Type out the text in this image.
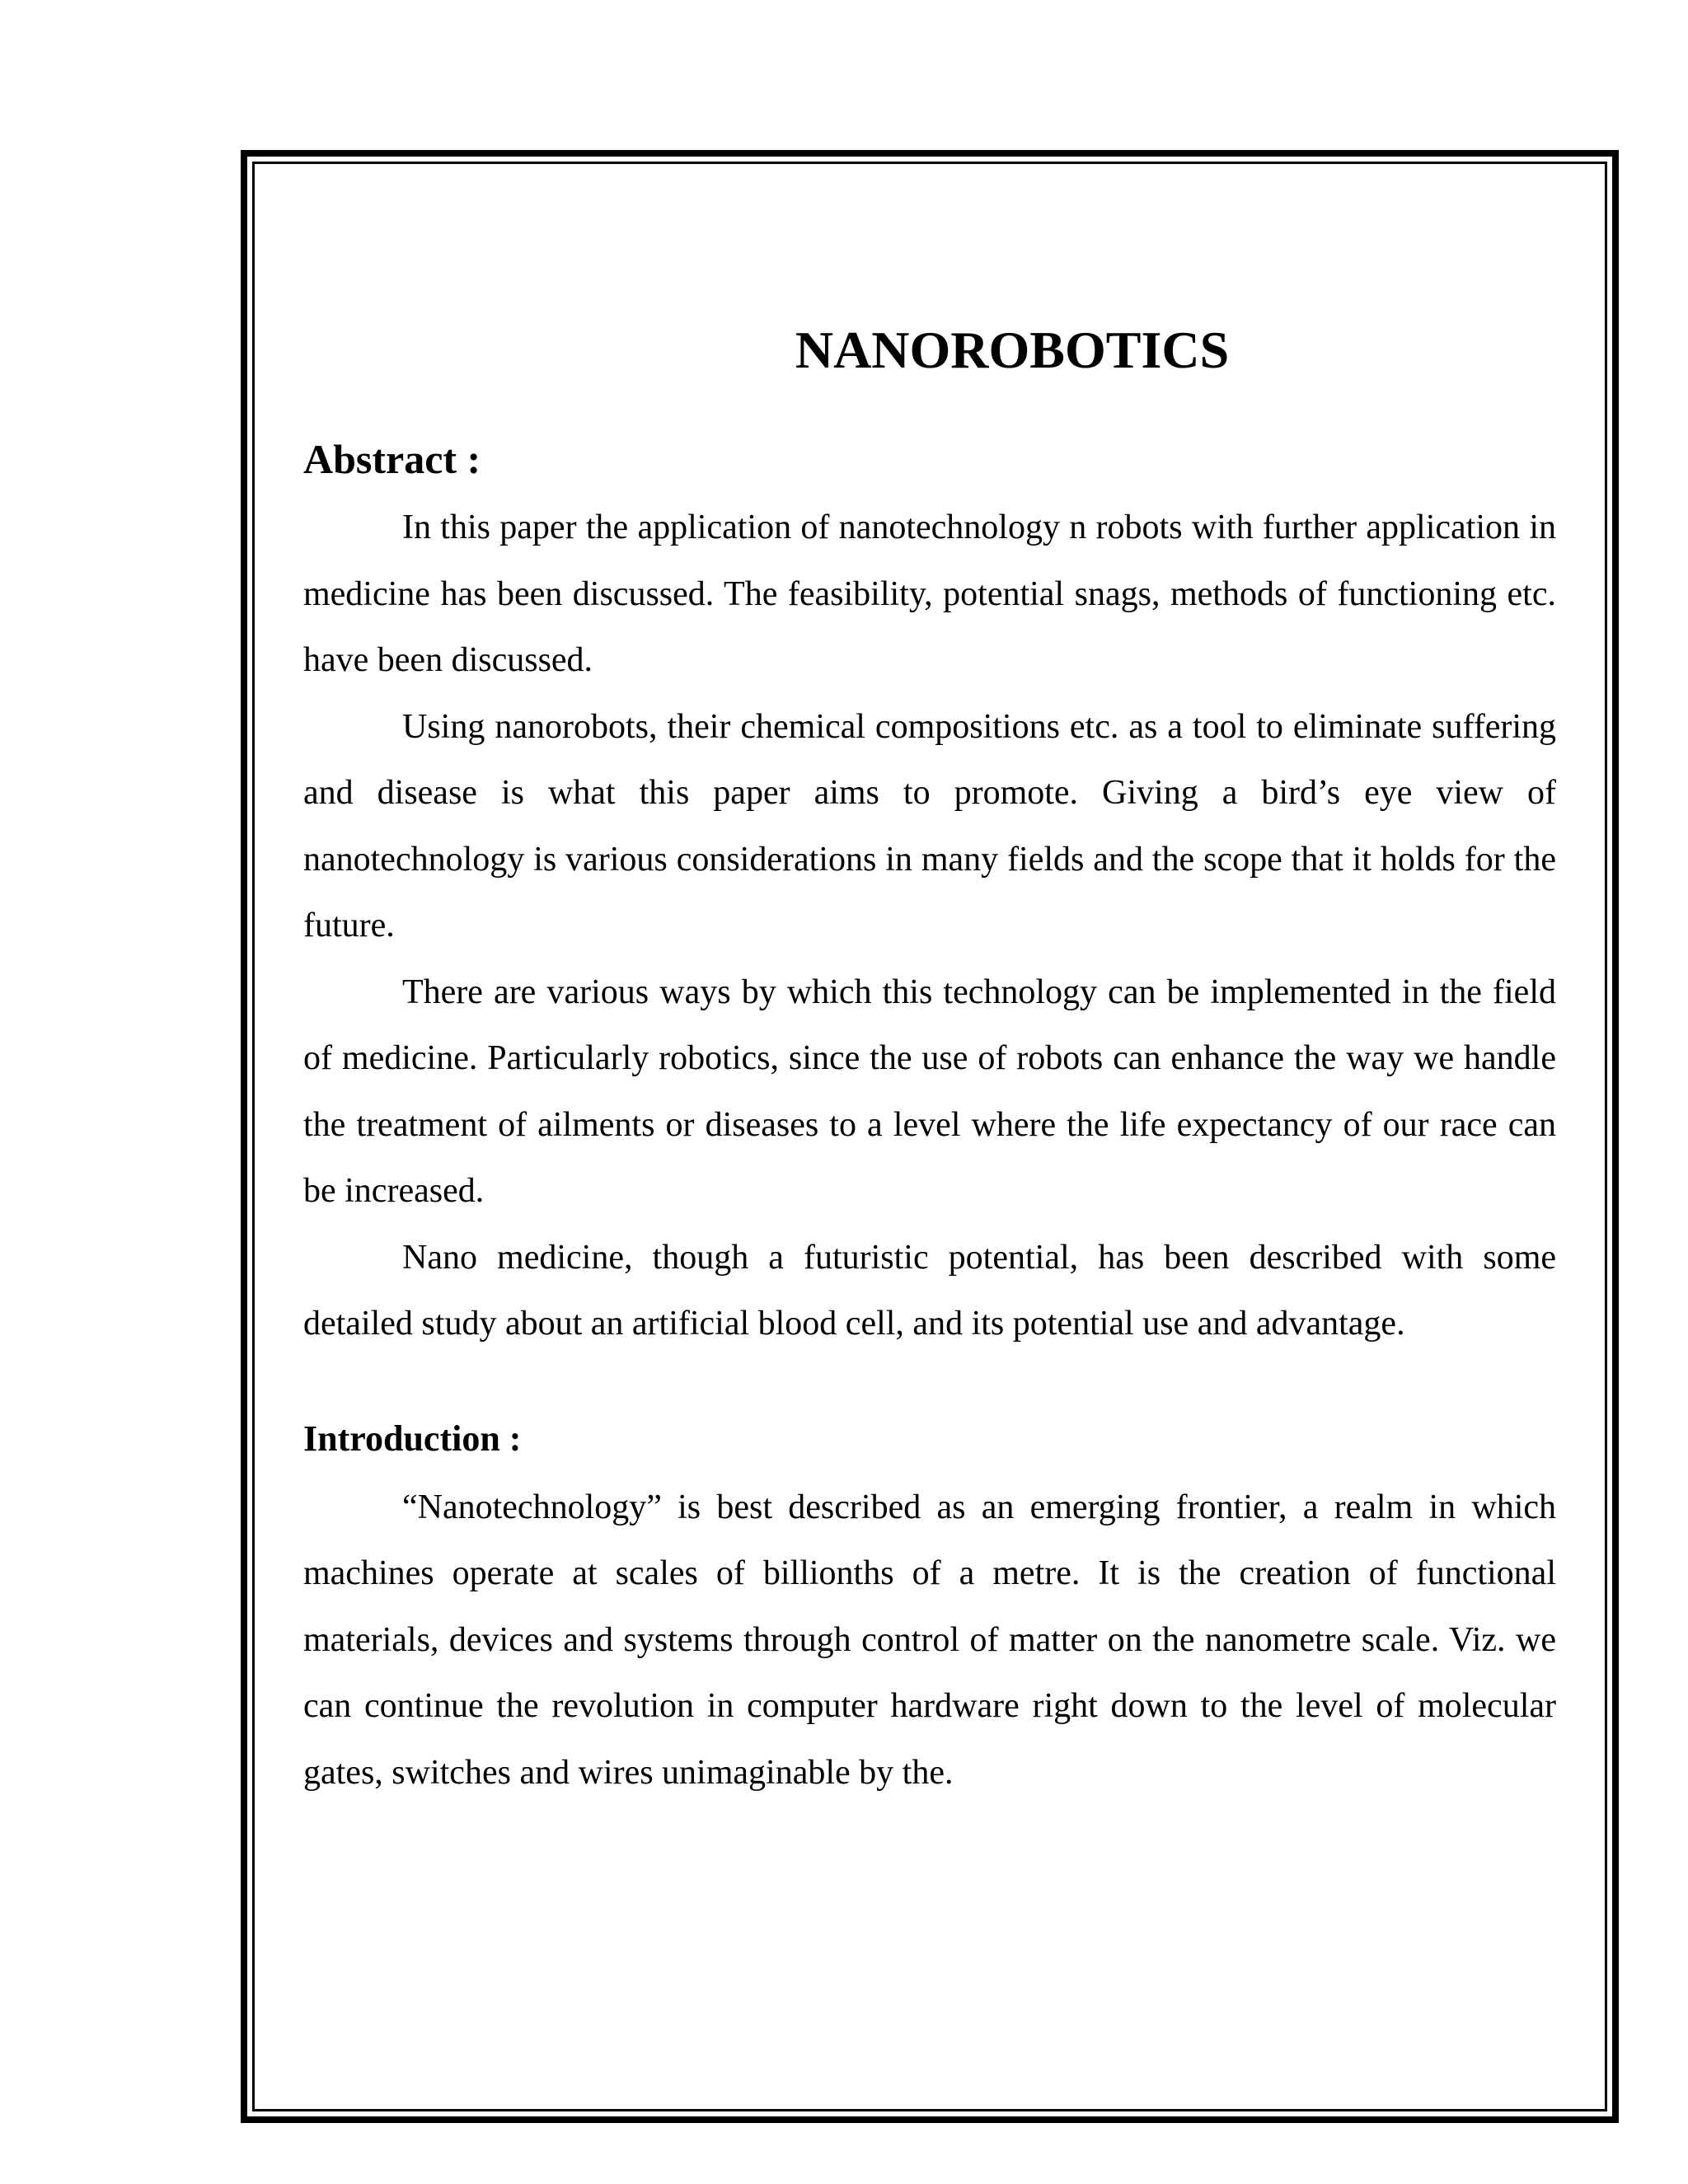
NANOROBOTICS
Abstract :

In this paper the application of nanotechnology n robots with further application in medicine has been discussed. The feasibility, potential snags, methods of functioning etc. have been discussed.

Using nanorobots, their chemical compositions etc. as a tool to eliminate suffering and disease is what this paper aims to promote. Giving a bird’s eye view of nanotechnology is various considerations in many fields and the scope that it holds for the future.

There are various ways by which this technology can be implemented in the field of medicine. Particularly robotics, since the use of robots can enhance the way we handle the treatment of ailments or diseases to a level where the life expectancy of our race can be increased.

Nano medicine, though a futuristic potential, has been described with some detailed study about an artificial blood cell, and its potential use and advantage.

Introduction :

“Nanotechnology” is best described as an emerging frontier, a realm in which machines operate at scales of billionths of a metre. It is the creation of functional materials, devices and systems through control of matter on the nanometre scale. Viz. we can continue the revolution in computer hardware right down to the level of molecular gates, switches and wires unimaginable by the.
